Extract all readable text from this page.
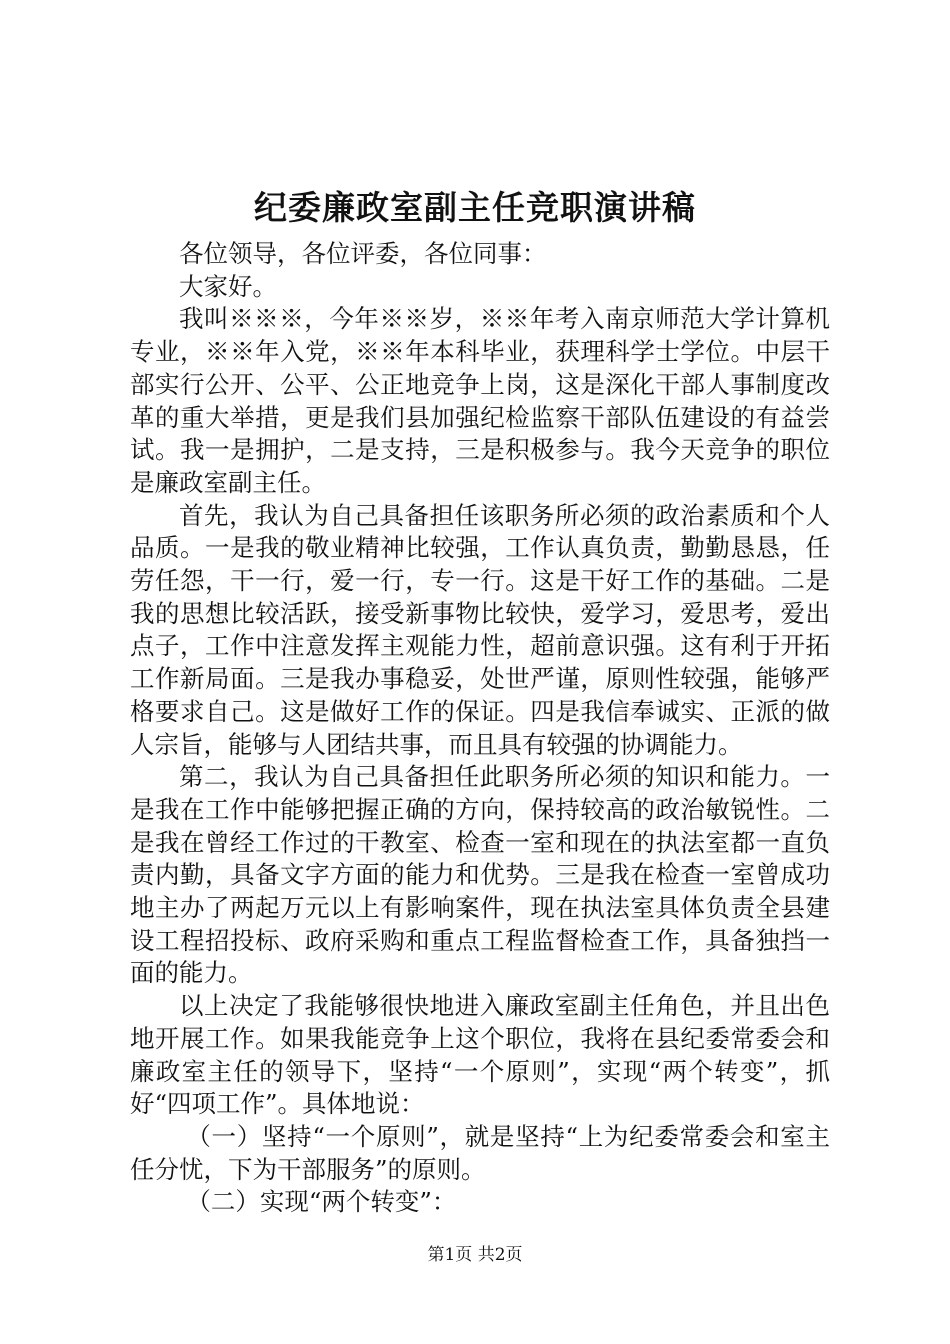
纪委廉政室副主任竞职演讲稿

各位领导，各位评委，各位同事：

大家好。

我叫※※※，今年※※岁，※※年考入南京师范大学计算机专业，※※年入党，※※年本科毕业，获理科学士学位。中层干部实行公开、公平、公正地竞争上岗，这是深化干部人事制度改革的重大举措，更是我们县加强纪检监察干部队伍建设的有益尝试。我一是拥护，二是支持，三是积极参与。我今天竞争的职位是廉政室副主任。

首先，我认为自己具备担任该职务所必须的政治素质和个人品质。一是我的敬业精神比较强，工作认真负责，勤勤恳恳，任劳任怨，干一行，爱一行，专一行。这是干好工作的基础。二是我的思想比较活跃，接受新事物比较快，爱学习，爱思考，爱出点子，工作中注意发挥主观能力性，超前意识强。这有利于开拓工作新局面。三是我办事稳妥，处世严谨，原则性较强，能够严格要求自己。这是做好工作的保证。四是我信奉诚实、正派的做人宗旨，能够与人团结共事，而且具有较强的协调能力。

第二，我认为自己具备担任此职务所必须的知识和能力。一是我在工作中能够把握正确的方向，保持较高的政治敏锐性。二是我在曾经工作过的干教室、检查一室和现在的执法室都一直负责内勤，具备文字方面的能力和优势。三是我在检查一室曾成功地主办了两起万元以上有影响案件，现在执法室具体负责全县建设工程招投标、政府采购和重点工程监督检查工作，具备独挡一面的能力。

以上决定了我能够很快地进入廉政室副主任角色，并且出色地开展工作。如果我能竞争上这个职位，我将在县纪委常委会和廉政室主任的领导下，坚持“一个原则”，实现“两个转变”，抓好“四项工作”。具体地说：

（一）坚持“一个原则”，就是坚持“上为纪委常委会和室主任分忧，下为干部服务”的原则。

（二）实现“两个转变”：

第1页 共2页
